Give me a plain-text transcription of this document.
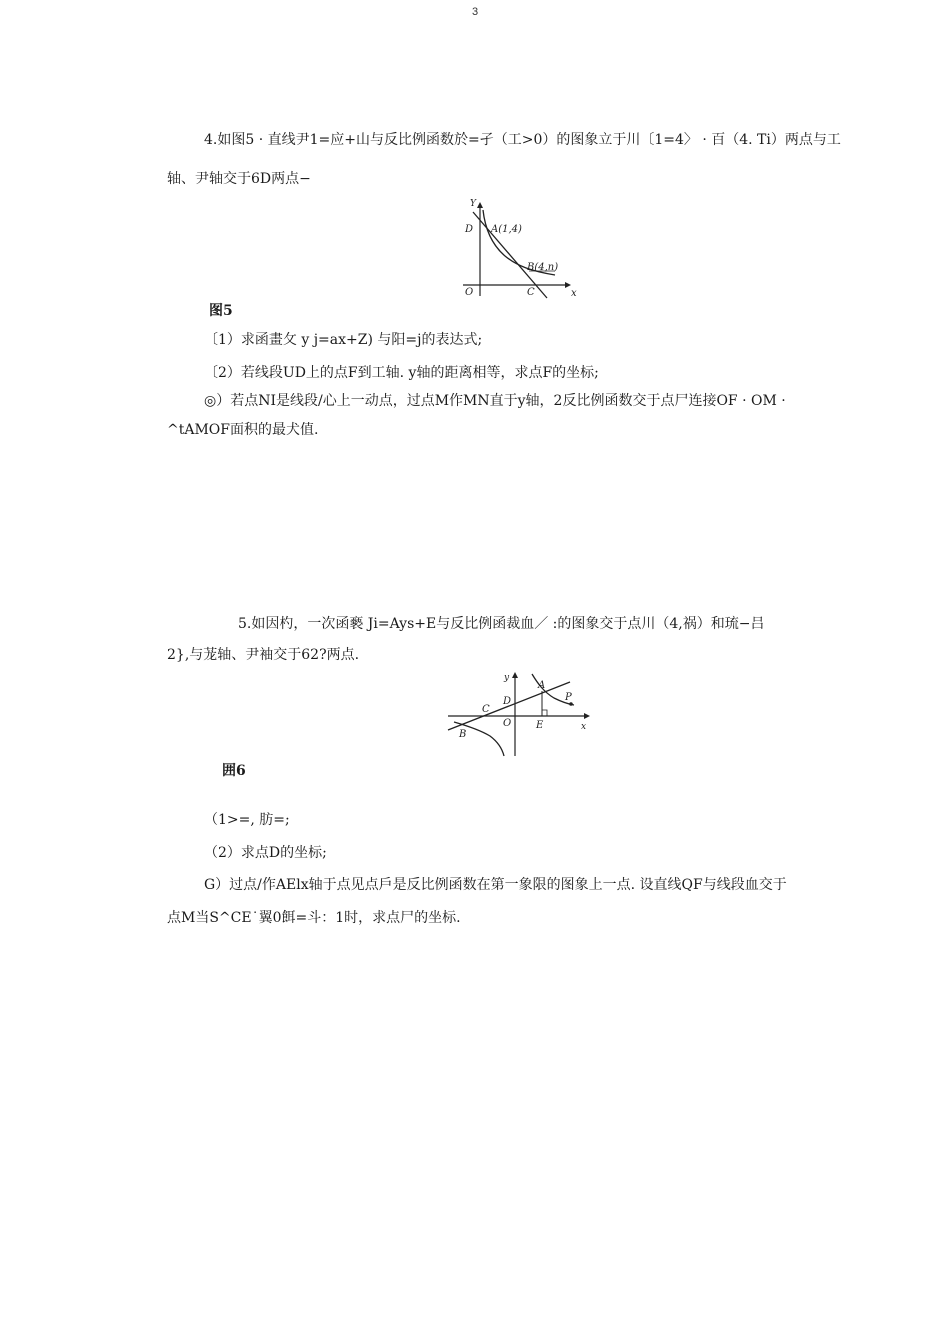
3
4.如图5 · 直线尹1=应+山与反比例函数於=孑（工>0）的图象立于川〔1=4〉 · 百（4. Ti）两点与工
轴、尹轴交于6D两点−
Y
x
O
D
C
A(1,4)
B(4,n)
图5
〔1）求函畫攵 y j=ax+Z) 与阳=j的表达式;
〔2）若线段UD上的点F到工轴. y轴的距离相等，求点F的坐标;
◎）若点NI是线段/心上一动点，过点M作MN直于y轴，2反比例函数交于点尸连接OF · OM ·
^tAMOF面积的最犬值.
5.如因杓，一次函褻 Ji=Ays+E与反比例函裁血／ :的图象交于点川（4,祸）和琉−吕
2},与茏轴、尹袖交于62?两点.
y
x
O
A
B
C
D
E
P
囲6
（1>=, 肪=;
（2）求点D的坐标;
G）过点/作AElx轴于点见点戶是反比例函数在第一象限的图象上一点. 设直线QF与线段血交于
点M当S^CE˙翼0餌=斗：1时，求点尸的坐标.
